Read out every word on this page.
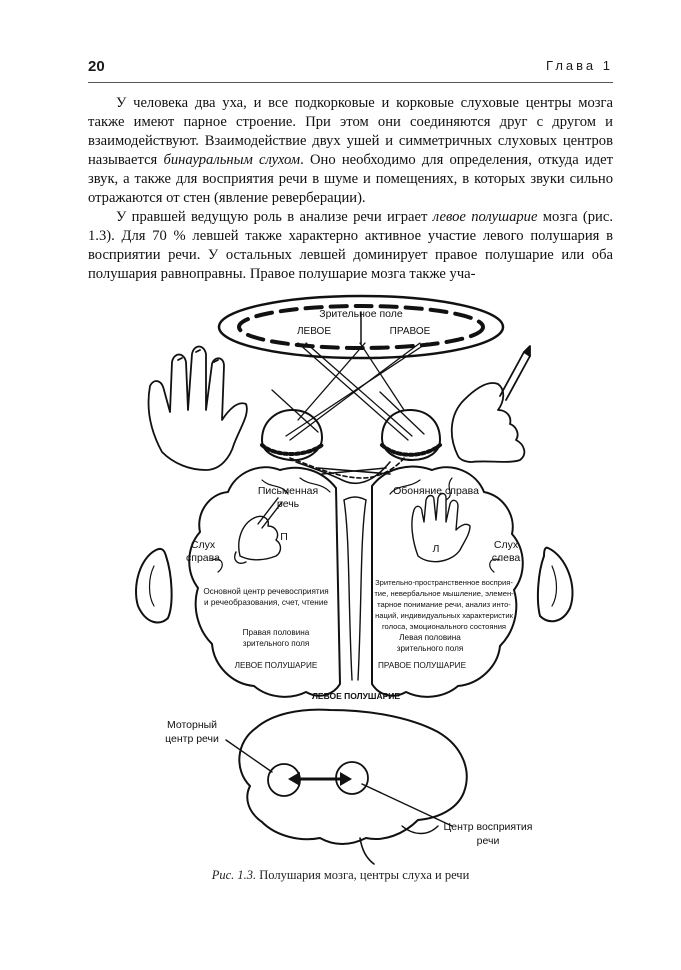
20	Глава 1

У человека два уха, и все подкорковые и корковые слуховые центры мозга также имеют парное строение. При этом они соединяются друг с другом и взаимодействуют. Взаимодействие двух ушей и симметричных слуховых центров называется бинауральным слухом. Оно необходимо для определения, откуда идет звук, а также для восприятия речи в шуме и помещениях, в которых звуки сильно отражаются от стен (явление реверберации).

У правшей ведущую роль в анализе речи играет левое полушарие мозга (рис. 1.3). Для 70 % левшей также характерно активное участие левого полушария в восприятии речи. У остальных левшей доминирует правое полушарие или оба полушария равноправны. Правое полушарие мозга также уча-

Зрительное поле
ЛЕВОЕ	ПРАВОЕ
Письменная
речь
П
Слух
справа
Основной центр речевосприятия
и речеобразования, счет, чтение
Правая половина
зрительного поля
ЛЕВОЕ ПОЛУШАРИЕ
Обоняние справа
Л	Слух
слева
Зрительно-пространственное восприя-
тие, невербальное мышление, элемен-
тарное понимание речи, анализ инто-
наций, индивидуальных характеристик
голоса, эмоционального состояния
Левая половина
зрительного поля
ПРАВОЕ ПОЛУШАРИЕ
ЛЕВОЕ ПОЛУШАРИЕ
Моторный
центр речи
Центр восприятия
речи
Рис. 1.3. Полушария мозга, центры слуха и речи
